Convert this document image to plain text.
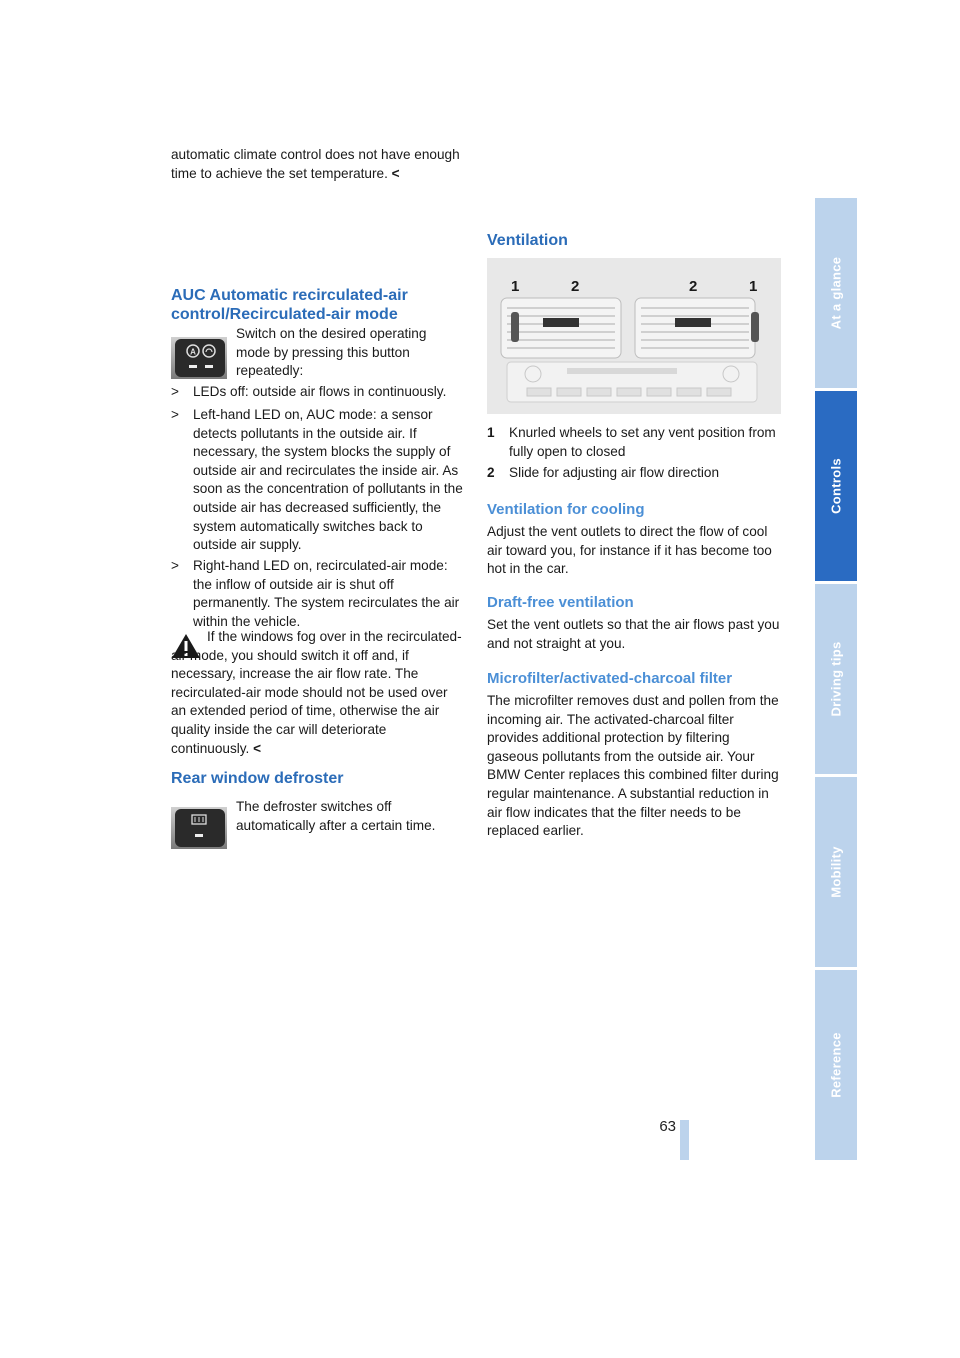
automatic climate control does not have enough time to achieve the set temperature. <

AUC Automatic recirculated-air
control/Recirculated-air mode
A

Switch on the desired operating mode by pressing this button repeatedly:

> LEDs off: outside air flows in continuously.

> Left-hand LED on, AUC mode: a sensor detects pollutants in the outside air. If necessary, the system blocks the supply of outside air and recirculates the inside air. As soon as the concentration of pollutants in the outside air has decreased sufficiently, the system automatically switches back to outside air supply.

> Right-hand LED on, recirculated-air mode: the inflow of outside air is shut off permanently. The system recirculates the air within the vehicle.

If the windows fog over in the recirculated-air mode, you should switch it off and, if necessary, increase the air flow rate. The recirculated-air mode should not be used over an extended period of time, otherwise the air quality inside the car will deteriorate continuously. <

Rear window defroster

The defroster switches off automatically after a certain time.

Ventilation
1	2	2	1
1 Knurled wheels to set any vent position from fully open to closed

2 Slide for adjusting air flow direction

Ventilation for cooling

Adjust the vent outlets to direct the flow of cool air toward you, for instance if it has become too hot in the car.

Draft-free ventilation

Set the vent outlets so that the air flows past you and not straight at you.

Microfilter/activated-charcoal filter

The microfilter removes dust and pollen from the incoming air. The activated-charcoal filter provides additional protection by filtering gaseous pollutants from the outside air. Your BMW Center replaces this combined filter during regular maintenance. A substantial reduction in air flow indicates that the filter needs to be replaced earlier.

At a glance
Controls
Driving tips
Mobility
Reference
63
